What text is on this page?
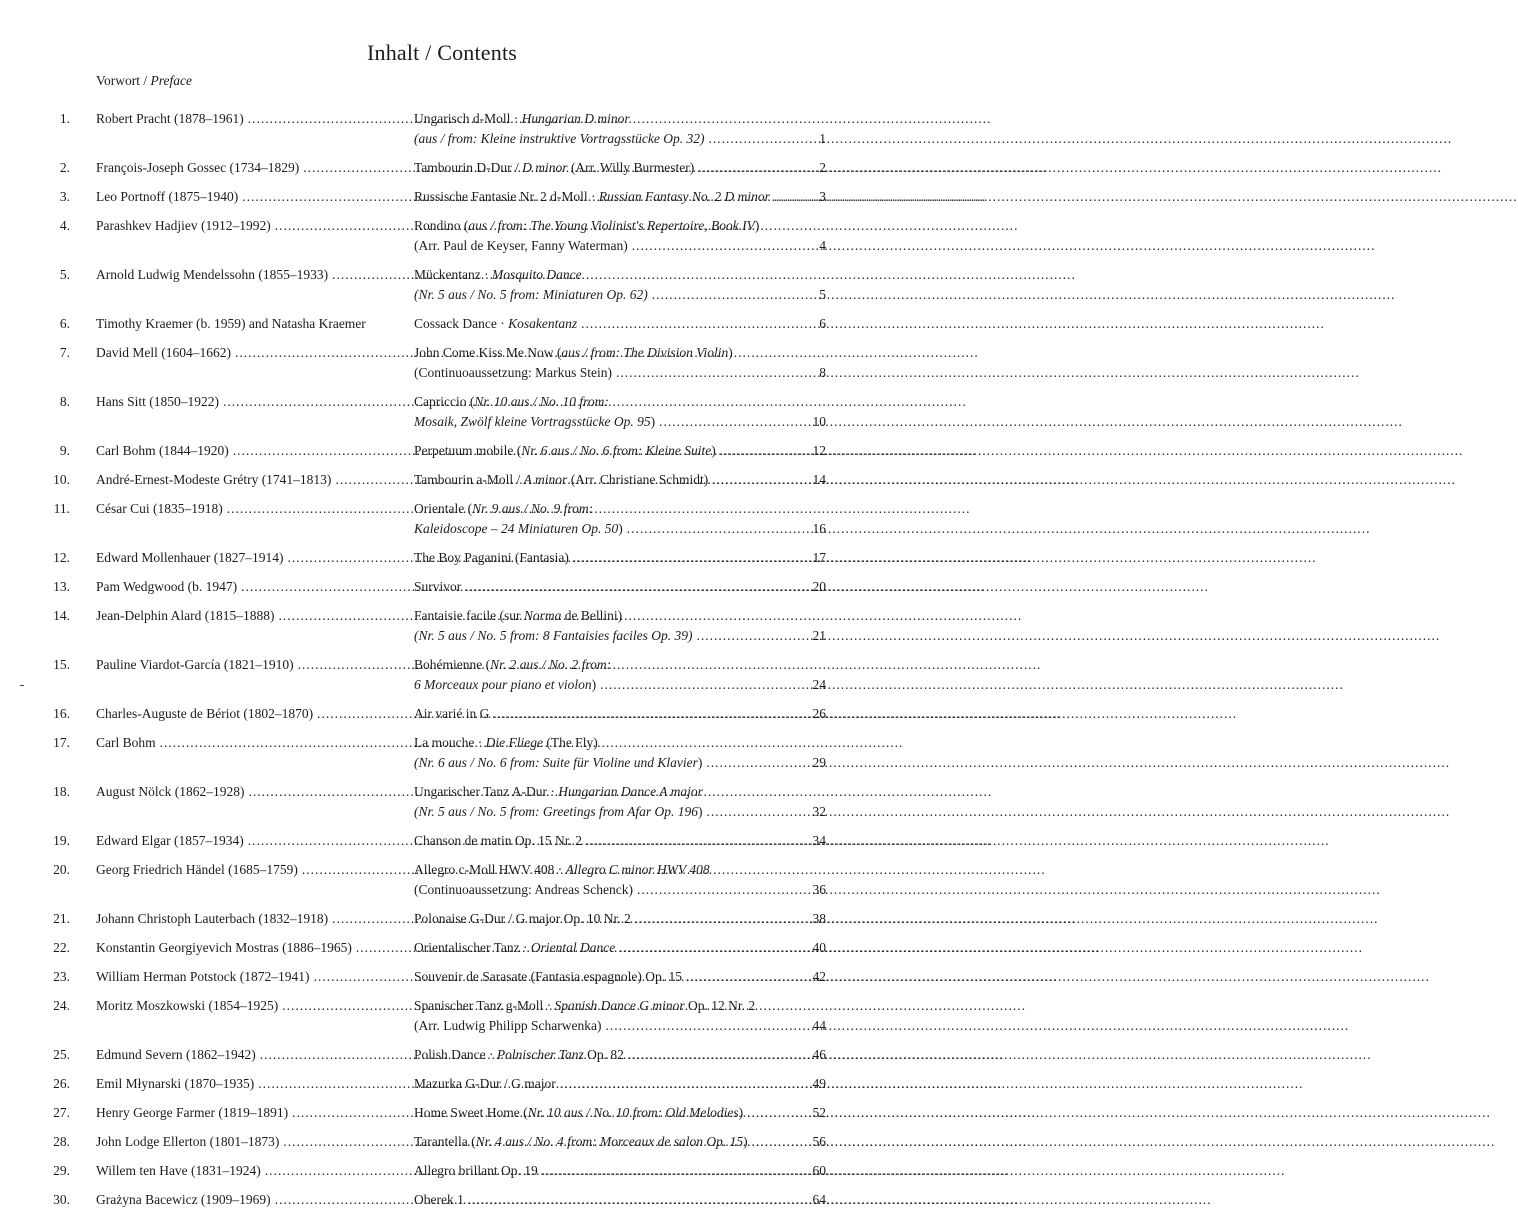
Inhalt / Contents
Vorwort / Preface
1. Robert Pracht (1878–1961) .....	Ungarisch d-Moll · Hungarian D minor
(aus / from: Kleine instruktive Vortragsstücke Op. 32) .....	1
2. François-Joseph Gossec (1734–1829) .....	Tambourin D-Dur / D minor (Arr. Willy Burmester) .....	2
3. Leo Portnoff (1875–1940) .....	Russische Fantasie Nr. 2 d-Moll · Russian Fantasy No. 2 D minor .....	3
4. Parashkev Hadjiev (1912–1992) .....	Rondino (aus / from: The Young Violinist's Repertoire, Book IV)
(Arr. Paul de Keyser, Fanny Waterman) .....	4
5. Arnold Ludwig Mendelssohn (1855–1933) .....	Mückentanz · Mosquito Dance
(Nr. 5 aus / No. 5 from: Miniaturen Op. 62) .....	5
6. Timothy Kraemer (b. 1959) and Natasha Kraemer	Cossack Dance · Kosakentanz .....	6
7. David Mell (1604–1662) .....	John Come Kiss Me Now (aus / from: The Division Violin)
(Continuoaussetzung: Markus Stein) .....	8
8. Hans Sitt (1850–1922) .....	Capriccio (Nr. 10 aus / No. 10 from:
Mosaik, Zwölf kleine Vortragsstücke Op. 95) .....	10
9. Carl Bohm (1844–1920) .....	Perpetuum mobile (Nr. 6 aus / No. 6 from: Kleine Suite) .....	12
10. André-Ernest-Modeste Grétry (1741–1813) .....	Tambourin a-Moll / A minor (Arr. Christiane Schmidt) .....	14
11. César Cui (1835–1918) .....	Orientale (Nr. 9 aus / No. 9 from:
Kaleidoscope – 24 Miniaturen Op. 50) .....	16
12. Edward Mollenhauer (1827–1914) .....	The Boy Paganini (Fantasia) .....	17
13. Pam Wedgwood (b. 1947) .....	Survivor .....	20
14. Jean-Delphin Alard (1815–1888) .....	Fantaisie facile (sur Norma de Bellini)
(Nr. 5 aus / No. 5 from: 8 Fantaisies faciles Op. 39) .....	21
15. Pauline Viardot-García (1821–1910) .....	Bohémienne (Nr. 2 aus / No. 2 from:
6 Morceaux pour piano et violon) .....	24
16. Charles-Auguste de Bériot (1802–1870) .....	Air varié in G .....	26
17. Carl Bohm .....	La mouche · Die Fliege (The Fly)
(Nr. 6 aus / No. 6 from: Suite für Violine und Klavier) .....	29
18. August Nölck (1862–1928) .....	Ungarischer Tanz A-Dur · Hungarian Dance A major
(Nr. 5 aus / No. 5 from: Greetings from Afar Op. 196) .....	32
19. Edward Elgar (1857–1934) .....	Chanson de matin Op. 15 Nr. 2 .....	34
20. Georg Friedrich Händel (1685–1759) .....	Allegro c-Moll HWV 408 · Allegro C minor HWV 408
(Continuoaussetzung: Andreas Schenck) .....	36
21. Johann Christoph Lauterbach (1832–1918) .....	Polonaise G-Dur / G major Op. 10 Nr. 2 .....	38
22. Konstantin Georgiyevich Mostras (1886–1965) .....	Orientalischer Tanz · Oriental Dance .....	40
23. William Herman Potstock (1872–1941) .....	Souvenir de Sarasate (Fantasia espagnole) Op. 15 .....	42
24. Moritz Moszkowski (1854–1925) .....	Spanischer Tanz g-Moll · Spanish Dance G minor Op. 12 Nr. 2
(Arr. Ludwig Philipp Scharwenka) .....	44
25. Edmund Severn (1862–1942) .....	Polish Dance · Polnischer Tanz Op. 82 .....	46
26. Emil Młynarski (1870–1935) .....	Mazurka G-Dur / G major .....	49
27. Henry George Farmer (1819–1891) .....	Home Sweet Home (Nr. 10 aus / No. 10 from: Old Melodies) .....	52
28. John Lodge Ellerton (1801–1873) .....	Tarantella (Nr. 4 aus / No. 4 from: Morceaux de salon Op. 15) .....	56
29. Willem ten Have (1831–1924) .....	Allegro brillant Op. 19 .....	60
30. Grażyna Bacewicz (1909–1969) .....	Oberek 1 .....	64
